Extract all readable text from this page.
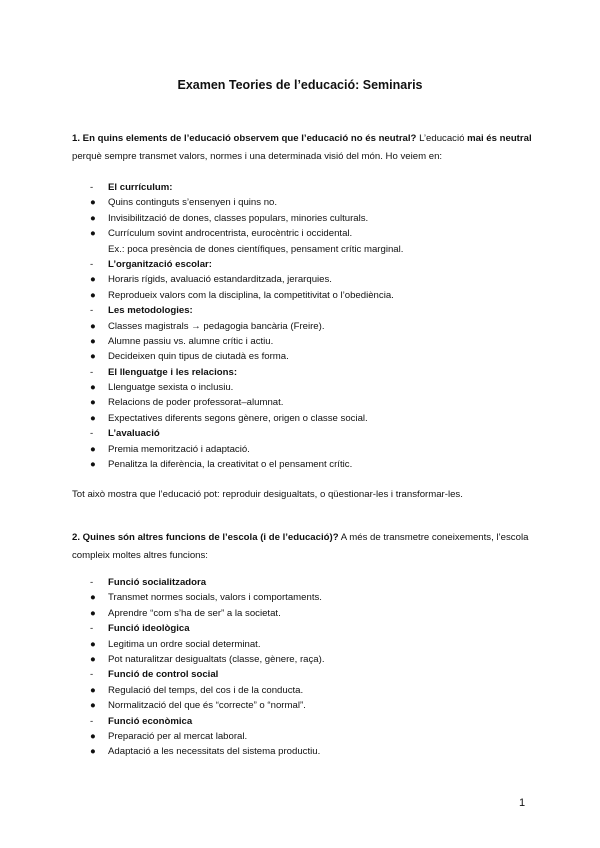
Examen Teories de l’educació: Seminaris
1. En quins elements de l’educació observem que l’educació no és neutral? L’educació mai és neutral perquè sempre transmet valors, normes i una determinada visió del món. Ho veiem en:
-	El currículum:
●	Quins continguts s’ensenyen i quins no.
●	Invisibilització de dones, classes populars, minories culturals.
●	Currículum sovint androcentrista, eurocèntric i occidental.
Ex.: poca presència de dones científiques, pensament crític marginal.
-	L’organització escolar:
●	Horaris rígids, avaluació estandarditzada, jerarquies.
●	Reprodueix valors com la disciplina, la competitivitat o l’obediència.
-	Les metodologies:
●	Classes magistrals → pedagogia bancària (Freire).
●	Alumne passiu vs. alumne crític i actiu.
●	Decideixen quin tipus de ciutadà es forma.
-	El llenguatge i les relacions:
●	Llenguatge sexista o inclusiu.
●	Relacions de poder professorat–alumnat.
●	Expectatives diferents segons gènere, origen o classe social.
-	L’avaluació
●	Premia memorització i adaptació.
●	Penalitza la diferència, la creativitat o el pensament crític.
Tot això mostra que l’educació pot: reproduir desigualtats, o qüestionar-les i transformar-les.
2. Quines són altres funcions de l’escola (i de l’educació)? A més de transmetre coneixements, l’escola compleix moltes altres funcions:
-	Funció socialitzadora
●	Transmet normes socials, valors i comportaments.
●	Aprendre “com s’ha de ser” a la societat.
-	Funció ideològica
●	Legitima un ordre social determinat.
●	Pot naturalitzar desigualtats (classe, gènere, raça).
-	Funció de control social
●	Regulació del temps, del cos i de la conducta.
●	Normalització del que és “correcte” o “normal”.
-	Funció econòmica
●	Preparació per al mercat laboral.
●	Adaptació a les necessitats del sistema productiu.
1
